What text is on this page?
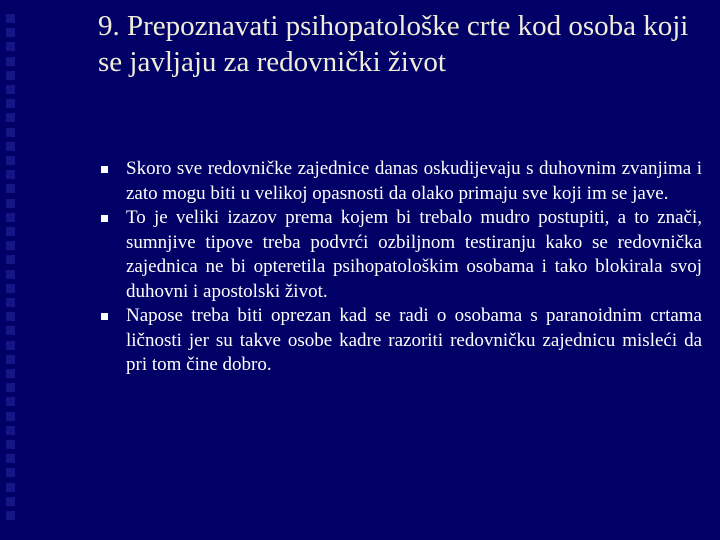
9. Prepoznavati psihopatološke crte kod osoba koji se javljaju za redovnički život
Skoro sve redovničke zajednice danas oskudijevaju s duhovnim zvanjima i zato mogu biti u velikoj opasnosti da olako primaju sve koji im se jave.
To je veliki izazov prema kojem bi trebalo mudro postupiti, a to znači, sumnjive tipove treba podvrći ozbiljnom testiranju kako se redovnička zajednica ne bi opteretila psihopatološkim osobama i tako blokirala svoj duhovni i apostolski život.
Napose treba biti oprezan kad se radi o osobama s paranoidnim crtama ličnosti jer su takve osobe kadre razoriti redovničku zajednicu misleći da pri tom čine dobro.
